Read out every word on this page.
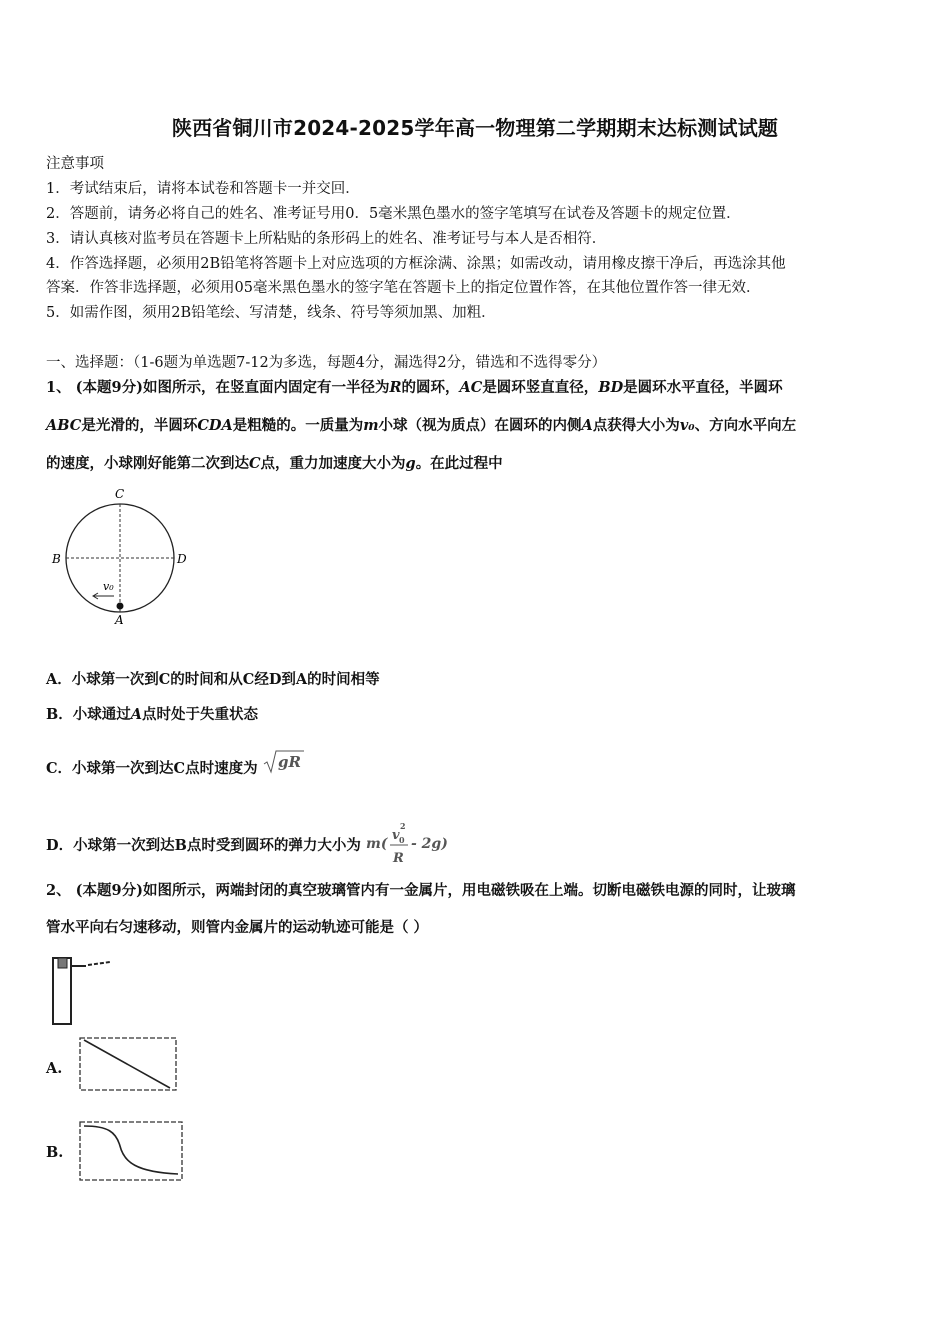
陕西省铜川市2024-2025学年高一物理第二学期期末达标测试试题
注意事项
1．考试结束后，请将本试卷和答题卡一并交回．
2．答题前，请务必将自己的姓名、准考证号用0．5毫米黑色墨水的签字笔填写在试卷及答题卡的规定位置．
3．请认真核对监考员在答题卡上所粘贴的条形码上的姓名、准考证号与本人是否相符．
4．作答选择题，必须用2B铅笔将答题卡上对应选项的方框涂满、涂黑；如需改动，请用橡皮擦干净后，再选涂其他
答案．作答非选择题，必须用05毫米黑色墨水的签字笔在答题卡上的指定位置作答，在其他位置作答一律无效．
5．如需作图，须用2B铅笔绘、写清楚，线条、符号等须加黑、加粗．
一、选择题：（1-6题为单选题7-12为多选，每题4分，漏选得2分，错选和不选得零分）
1、 (本题9分)如图所示，在竖直面内固定有一半径为R的圆环，AC是圆环竖直直径，BD是圆环水平直径，半圆环
ABC是光滑的，半圆环CDA是粗糙的。一质量为m小球（视为质点）在圆环的内侧A点获得大小为v₀、方向水平向左
的速度，小球刚好能第二次到达C点，重力加速度大小为g。在此过程中
C
B	D
A
v₀
A．小球第一次到C的时间和从C经D到A的时间相等
B．小球通过A点时处于失重状态
C．小球第一次到达C点时速度为 gR
D．小球第一次到达B点时受到圆环的弹力大小为 m(
v 0
2
R
- 2g)
2、 (本题9分)如图所示，两端封闭的真空玻璃管内有一金属片，用电磁铁吸在上端。切断电磁铁电源的同时，让玻璃
管水平向右匀速移动，则管内金属片的运动轨迹可能是（ ）
A.
B.
